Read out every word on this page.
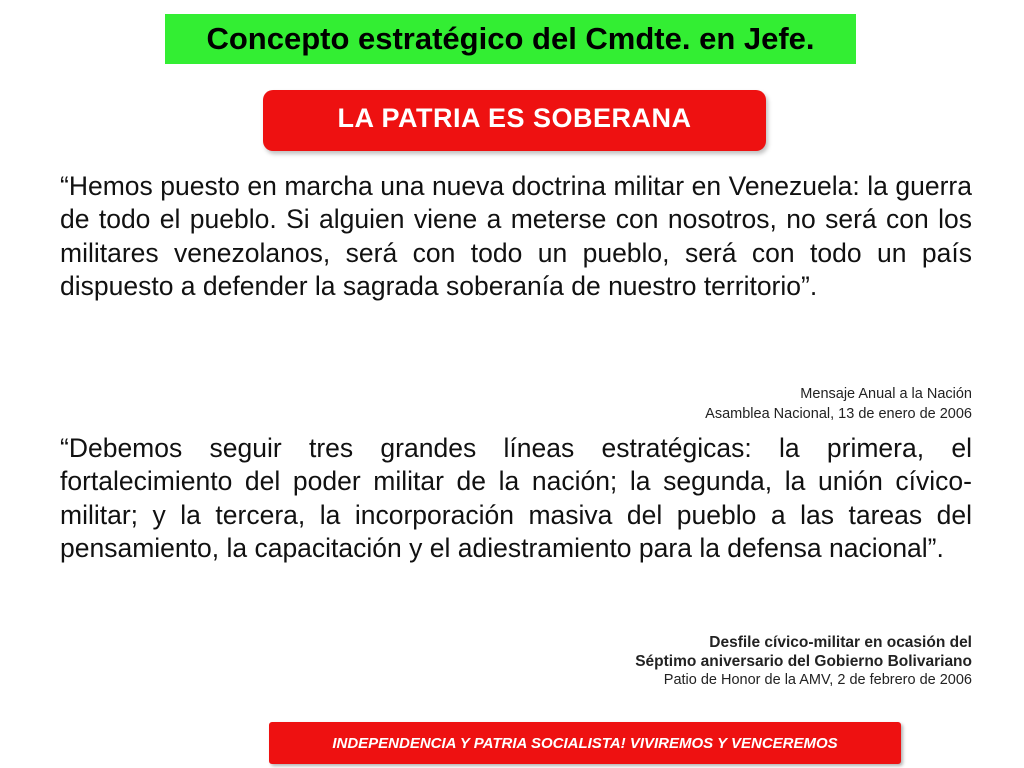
Concepto estratégico del Cmdte. en Jefe.
LA PATRIA ES SOBERANA

“Hemos puesto en marcha una nueva doctrina militar en Venezuela: la guerra de todo el pueblo. Si alguien viene a meterse con nosotros, no será con los militares venezolanos, será con todo un pueblo, será con todo un país dispuesto a defender la sagrada soberanía de nuestro territorio”.

Mensaje Anual a la Nación
Asamblea Nacional, 13 de enero de 2006

“Debemos seguir tres grandes líneas estratégicas: la primera, el fortalecimiento del poder militar de la nación; la segunda, la unión cívico-militar; y la tercera, la incorporación masiva del pueblo a las tareas del pensamiento, la capacitación y el adiestramiento para la defensa nacional”.

Desfile cívico-militar en ocasión del
Séptimo aniversario del Gobierno Bolivariano
Patio de Honor de la AMV, 2 de febrero de 2006
INDEPENDENCIA Y PATRIA SOCIALISTA! VIVIREMOS Y VENCEREMOS
